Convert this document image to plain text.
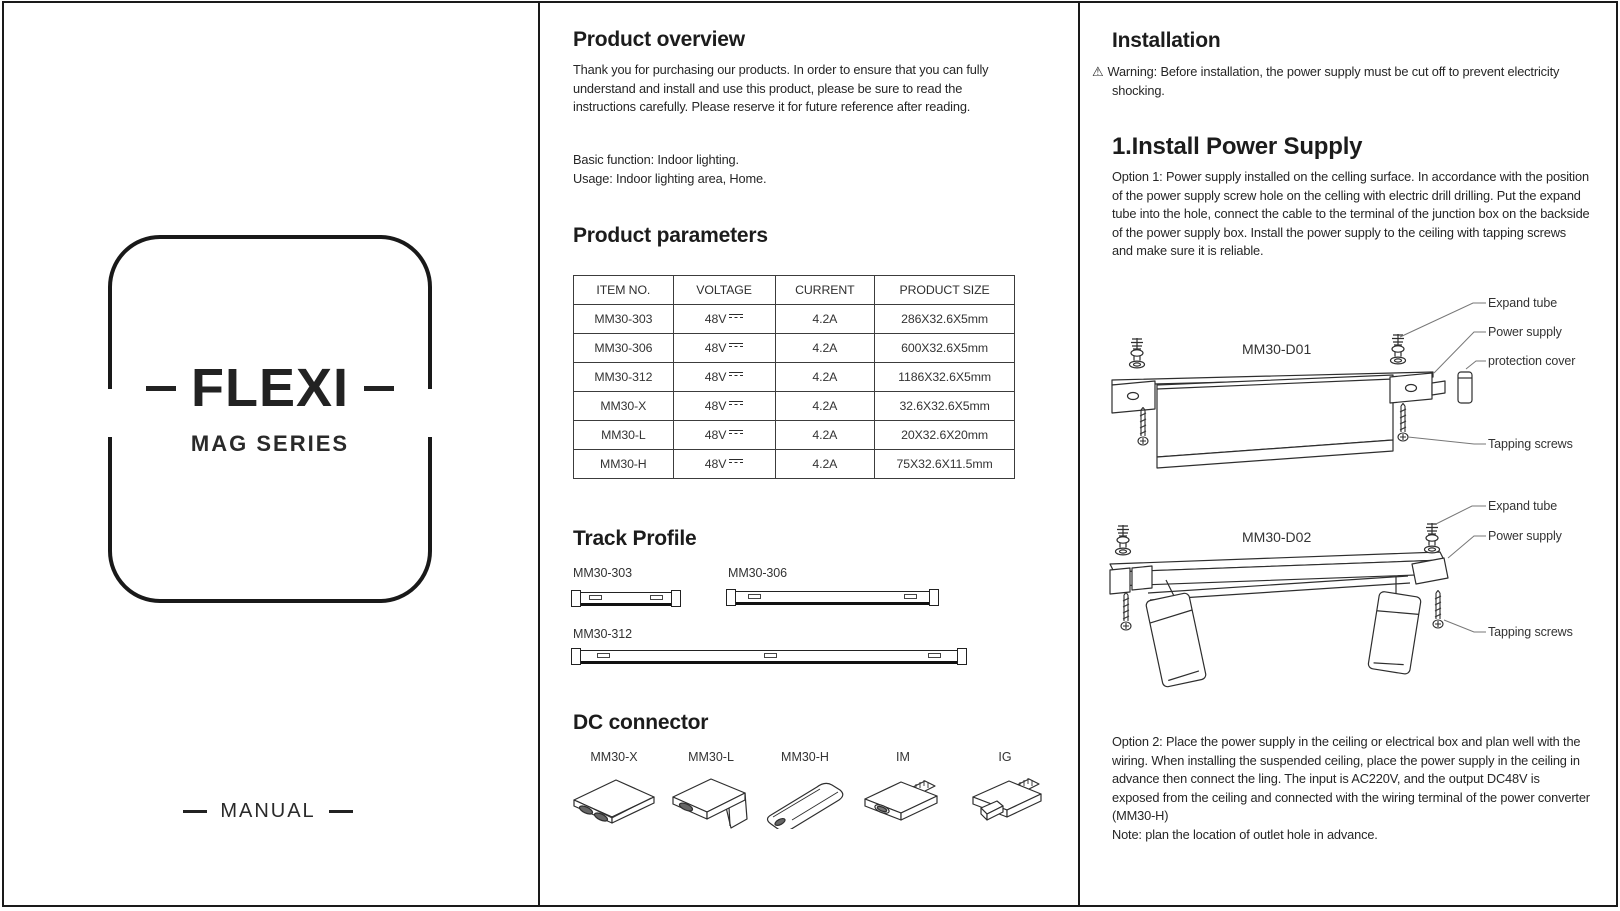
FLEXI
MAG SERIES
MANUAL
Product overview
Thank you for purchasing our products. In order to ensure that you can fully understand and install and use this product, please be sure to read the instructions carefully. Please reserve it for future reference after reading.
Basic function: Indoor lighting.
Usage: Indoor lighting area, Home.
Product parameters
ITEM NO.	VOLTAGE	CURRENT	PRODUCT SIZE
MM30-303	48V	4.2A	286X32.6X5mm
MM30-306	48V	4.2A	600X32.6X5mm
MM30-312	48V	4.2A	1186X32.6X5mm
MM30-X	48V	4.2A	32.6X32.6X5mm
MM30-L	48V	4.2A	20X32.6X20mm
MM30-H	48V	4.2A	75X32.6X11.5mm
Track Profile
MM30-303	MM30-306
MM30-312
DC connector
MM30-X	MM30-L	MM30-H	IM	IG
Installation
⚠ Warning: Before installation, the power supply must be cut off to prevent electricity shocking.
1.Install Power Supply
Option 1: Power supply installed on the celling surface. In accordance with the position of the power supply screw hole on the celling with electric drill drilling. Put the expand tube into the hole, connect the cable to the terminal of the junction box on the backside of the power supply box. Install the power supply to the ceiling with tapping screws and make sure it is reliable.
MM30-D01
Expand tube
Power supply
protection cover
Tapping screws
MM30-D02
Expand tube
Power supply
Tapping screws
Option 2: Place the power supply in the ceiling or electrical box and plan well with the wiring. When installing the suspended ceiling, place the power supply in the ceiling in advance then connect the ling. The input is AC220V, and the output DC48V is exposed from the ceiling and connected with the wiring terminal of the power converter (MM30-H)
Note: plan the location of outlet hole in advance.
